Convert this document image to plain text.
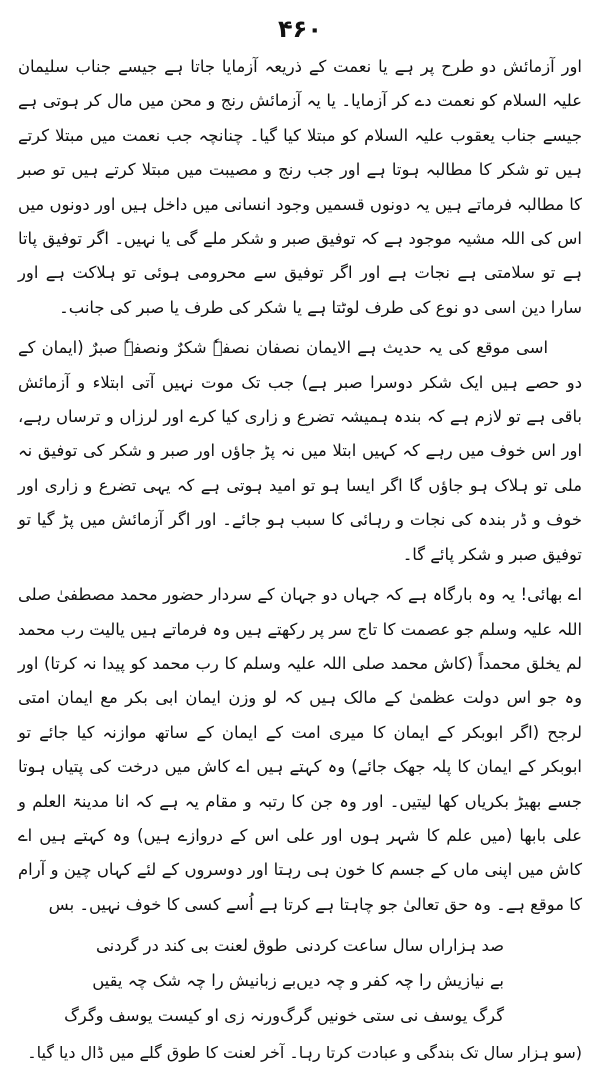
۴۶۰

اور آزمائش دو طرح پر ہے یا نعمت کے ذریعہ آزمایا جاتا ہے جیسے جناب سلیمان علیہ السلام کو نعمت دے کر آزمایا۔ یا یہ آزمائش رنج و محن میں مال کر ہوتی ہے جیسے جناب یعقوب علیہ السلام کو مبتلا کیا گیا۔ چنانچہ جب نعمت میں مبتلا کرتے ہیں تو شکر کا مطالبہ ہوتا ہے اور جب رنج و مصیبت میں مبتلا کرتے ہیں تو صبر کا مطالبہ فرماتے ہیں یہ دونوں قسمیں وجود انسانی میں داخل ہیں اور دونوں میں اس کی اللہ مشیہ موجود ہے کہ توفیق صبر و شکر ملے گی یا نہیں۔ اگر توفیق پاتا ہے تو سلامتی ہے نجات ہے اور اگر توفیق سے محرومی ہوئی تو ہلاکت ہے اور سارا دین اسی دو نوع کی طرف لوٹتا ہے یا شکر کی طرف یا صبر کی جانب۔

اسی موقع کی یہ حدیث ہے الایمان نصفان نصفہٗ شکرٌ ونصفہٗ صبرٌ (ایمان کے دو حصے ہیں ایک شکر دوسرا صبر ہے) جب تک موت نہیں آتی ابتلاء و آزمائش باقی ہے تو لازم ہے کہ بندہ ہمیشہ تضرع و زاری کیا کرے اور لرزاں و ترساں رہے، اور اس خوف میں رہے کہ کہیں ابتلا میں نہ پڑ جاؤں اور صبر و شکر کی توفیق نہ ملی تو ہلاک ہو جاؤں گا اگر ایسا ہو تو امید ہوتی ہے کہ یہی تضرع و زاری اور خوف و ڈر بندہ کی نجات و رہائی کا سبب ہو جائے۔ اور اگر آزمائش میں پڑ گیا تو توفیق صبر و شکر پائے گا۔

اے بھائی! یہ وہ بارگاہ ہے کہ جہاں دو جہان کے سردار حضور محمد مصطفیٰ صلی اللہ علیہ وسلم جو عصمت کا تاج سر پر رکھتے ہیں وہ فرماتے ہیں یالیت رب محمد لم یخلق محمداً (کاش محمد صلی اللہ علیہ وسلم کا رب محمد کو پیدا نہ کرتا) اور وہ جو اس دولت عظمیٰ کے مالک ہیں کہ لو وزن ایمان ابی بکر مع ایمان امتی لرجح (اگر ابوبکر کے ایمان کا میری امت کے ایمان کے ساتھ موازنہ کیا جائے تو ابوبکر کے ایمان کا پلہ جھک جائے) وہ کہتے ہیں اے کاش میں درخت کی پتیاں ہوتا جسے بھیڑ بکریاں کھا لیتیں۔ اور وہ جن کا رتبہ و مقام یہ ہے کہ انا مدینۃ العلم و علی بابھا (میں علم کا شہر ہوں اور علی اس کے دروازے ہیں) وہ کہتے ہیں اے کاش میں اپنی ماں کے جسم کا خون ہی رہتا اور دوسروں کے لئے کہاں چین و آرام کا موقع ہے۔ وہ حق تعالیٰ جو چاہتا ہے کرتا ہے اُسے کسی کا خوف نہیں۔ بس

صد ہزاراں سال ساعت کردنی
طوق لعنت بی کند در گردنی
بے نیازیش را چہ کفر و چہ دیں
بے زبانیش را چہ شک چہ یقیں
گرگ یوسف نی ستی خونیں گرگ
ورنہ زی او کیست یوسف وگرگ

(سو ہزار سال تک بندگی و عبادت کرتا رہا۔ آخر لعنت کا طوق گلے میں ڈال دیا گیا۔
